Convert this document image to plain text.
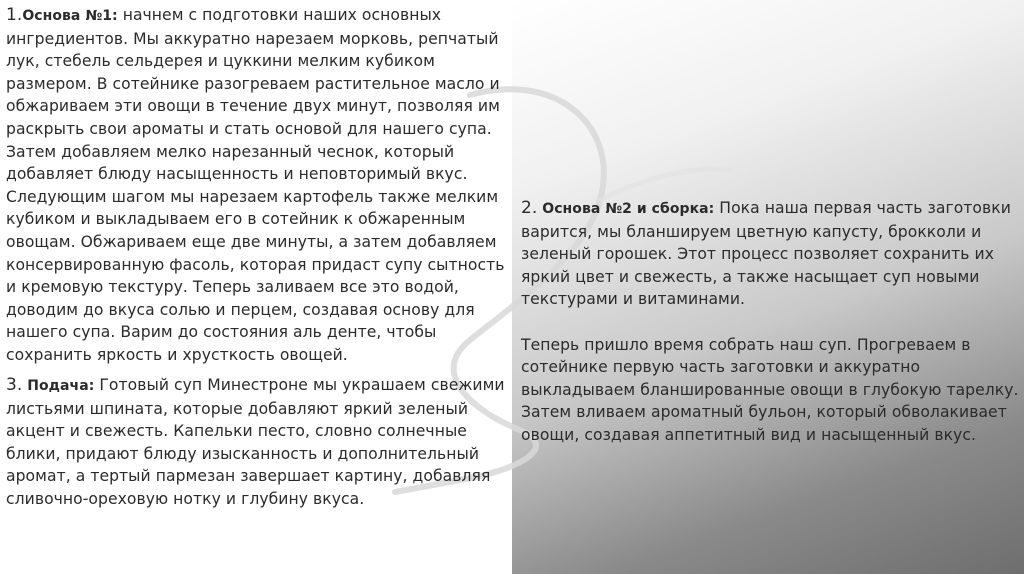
1.Основа №1: начнем с подготовки наших основных ингредиентов. Мы аккуратно нарезаем морковь, репчатый лук, стебель сельдерея и цуккини мелким кубиком размером. В сотейнике разогреваем растительное масло и обжариваем эти овощи в течение двух минут, позволяя им раскрыть свои ароматы и стать основой для нашего супа. Затем добавляем мелко нарезанный чеснок, который добавляет блюду насыщенность и неповторимый вкус.

Следующим шагом мы нарезаем картофель также мелким кубиком и выкладываем его в сотейник к обжаренным овощам. Обжариваем еще две минуты, а затем добавляем консервированную фасоль, которая придаст супу сытность и кремовую текстуру. Теперь заливаем все это водой, доводим до вкуса солью и перцем, создавая основу для нашего супа. Варим до состояния аль денте, чтобы сохранить яркость и хрусткость овощей.

3. Подача: Готовый суп Минестроне мы украшаем свежими листьями шпината, которые добавляют яркий зеленый акцент и свежесть. Капельки песто, словно солнечные блики, придают блюду изысканность и дополнительный аромат, а тертый пармезан завершает картину, добавляя сливочно-ореховую нотку и глубину вкуса.

2. Основа №2 и сборка: Пока наша первая часть заготовки варится, мы бланшируем цветную капусту, брокколи и зеленый горошек. Этот процесс позволяет сохранить их яркий цвет и свежесть, а также насыщает суп новыми текстурами и витаминами.

Теперь пришло время собрать наш суп. Прогреваем в сотейнике первую часть заготовки и аккуратно выкладываем бланшированные овощи в глубокую тарелку. Затем вливаем ароматный бульон, который обволакивает овощи, создавая аппетитный вид и насыщенный вкус.
